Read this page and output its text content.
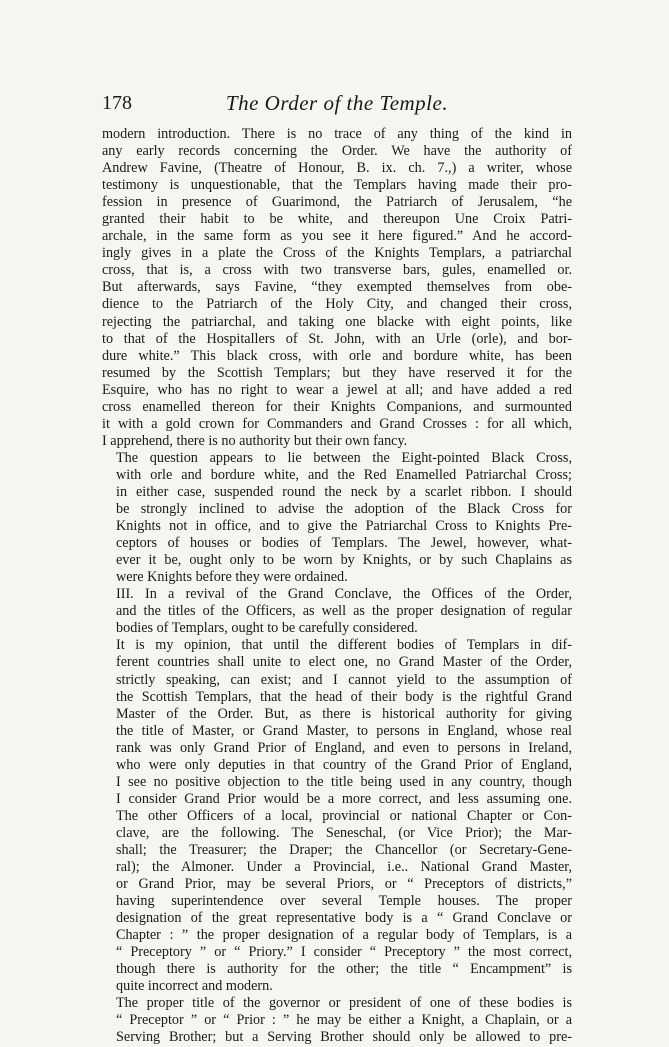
178	The Order of the Temple.

modern introduction. There is no trace of any thing of the kind in
any early records concerning the Order. We have the authority of
Andrew Favine, (Theatre of Honour, B. ix. ch. 7.,) a writer, whose
testimony is unquestionable, that the Templars having made their pro-
fession in presence of Guarimond, the Patriarch of Jerusalem, “he
granted their habit to be white, and thereupon Une Croix Patri-
archale, in the same form as you see it here figured.” And he accord-
ingly gives in a plate the Cross of the Knights Templars, a patriarchal
cross, that is, a cross with two transverse bars, gules, enamelled or.
But afterwards, says Favine, “they exempted themselves from obe-
dience to the Patriarch of the Holy City, and changed their cross,
rejecting the patriarchal, and taking one blacke with eight points, like
to that of the Hospitallers of St. John, with an Urle (orle), and bor-
dure white.” This black cross, with orle and bordure white, has been
resumed by the Scottish Templars; but they have reserved it for the
Esquire, who has no right to wear a jewel at all; and have added a red
cross enamelled thereon for their Knights Companions, and surmounted
it with a gold crown for Commanders and Grand Crosses : for all which,
I apprehend, there is no authority but their own fancy.

The question appears to lie between the Eight-pointed Black Cross,
with orle and bordure white, and the Red Enamelled Patriarchal Cross;
in either case, suspended round the neck by a scarlet ribbon. I should
be strongly inclined to advise the adoption of the Black Cross for
Knights not in office, and to give the Patriarchal Cross to Knights Pre-
ceptors of houses or bodies of Templars. The Jewel, however, what-
ever it be, ought only to be worn by Knights, or by such Chaplains as
were Knights before they were ordained.

III. In a revival of the Grand Conclave, the Offices of the Order,
and the titles of the Officers, as well as the proper designation of regular
bodies of Templars, ought to be carefully considered.

It is my opinion, that until the different bodies of Templars in dif-
ferent countries shall unite to elect one, no Grand Master of the Order,
strictly speaking, can exist; and I cannot yield to the assumption of
the Scottish Templars, that the head of their body is the rightful Grand
Master of the Order. But, as there is historical authority for giving
the title of Master, or Grand Master, to persons in England, whose real
rank was only Grand Prior of England, and even to persons in Ireland,
who were only deputies in that country of the Grand Prior of England,
I see no positive objection to the title being used in any country, though
I consider Grand Prior would be a more correct, and less assuming one.
The other Officers of a local, provincial or national Chapter or Con-
clave, are the following. The Seneschal, (or Vice Prior); the Mar-
shall; the Treasurer; the Draper; the Chancellor (or Secretary-Gene-
ral); the Almoner. Under a Provincial, i.e.. National Grand Master,
or Grand Prior, may be several Priors, or “ Preceptors of districts,”
having superintendence over several Temple houses. The proper
designation of the great representative body is a “ Grand Conclave or
Chapter : ” the proper designation of a regular body of Templars, is a
“ Preceptory ” or “ Priory.” I consider “ Preceptory ” the most correct,
though there is authority for the other; the title “ Encampment” is
quite incorrect and modern.

The proper title of the governor or president of one of these bodies is
“ Preceptor ” or “ Prior : ” he may be either a Knight, a Chaplain, or a
Serving Brother; but a Serving Brother should only be allowed to pre-
